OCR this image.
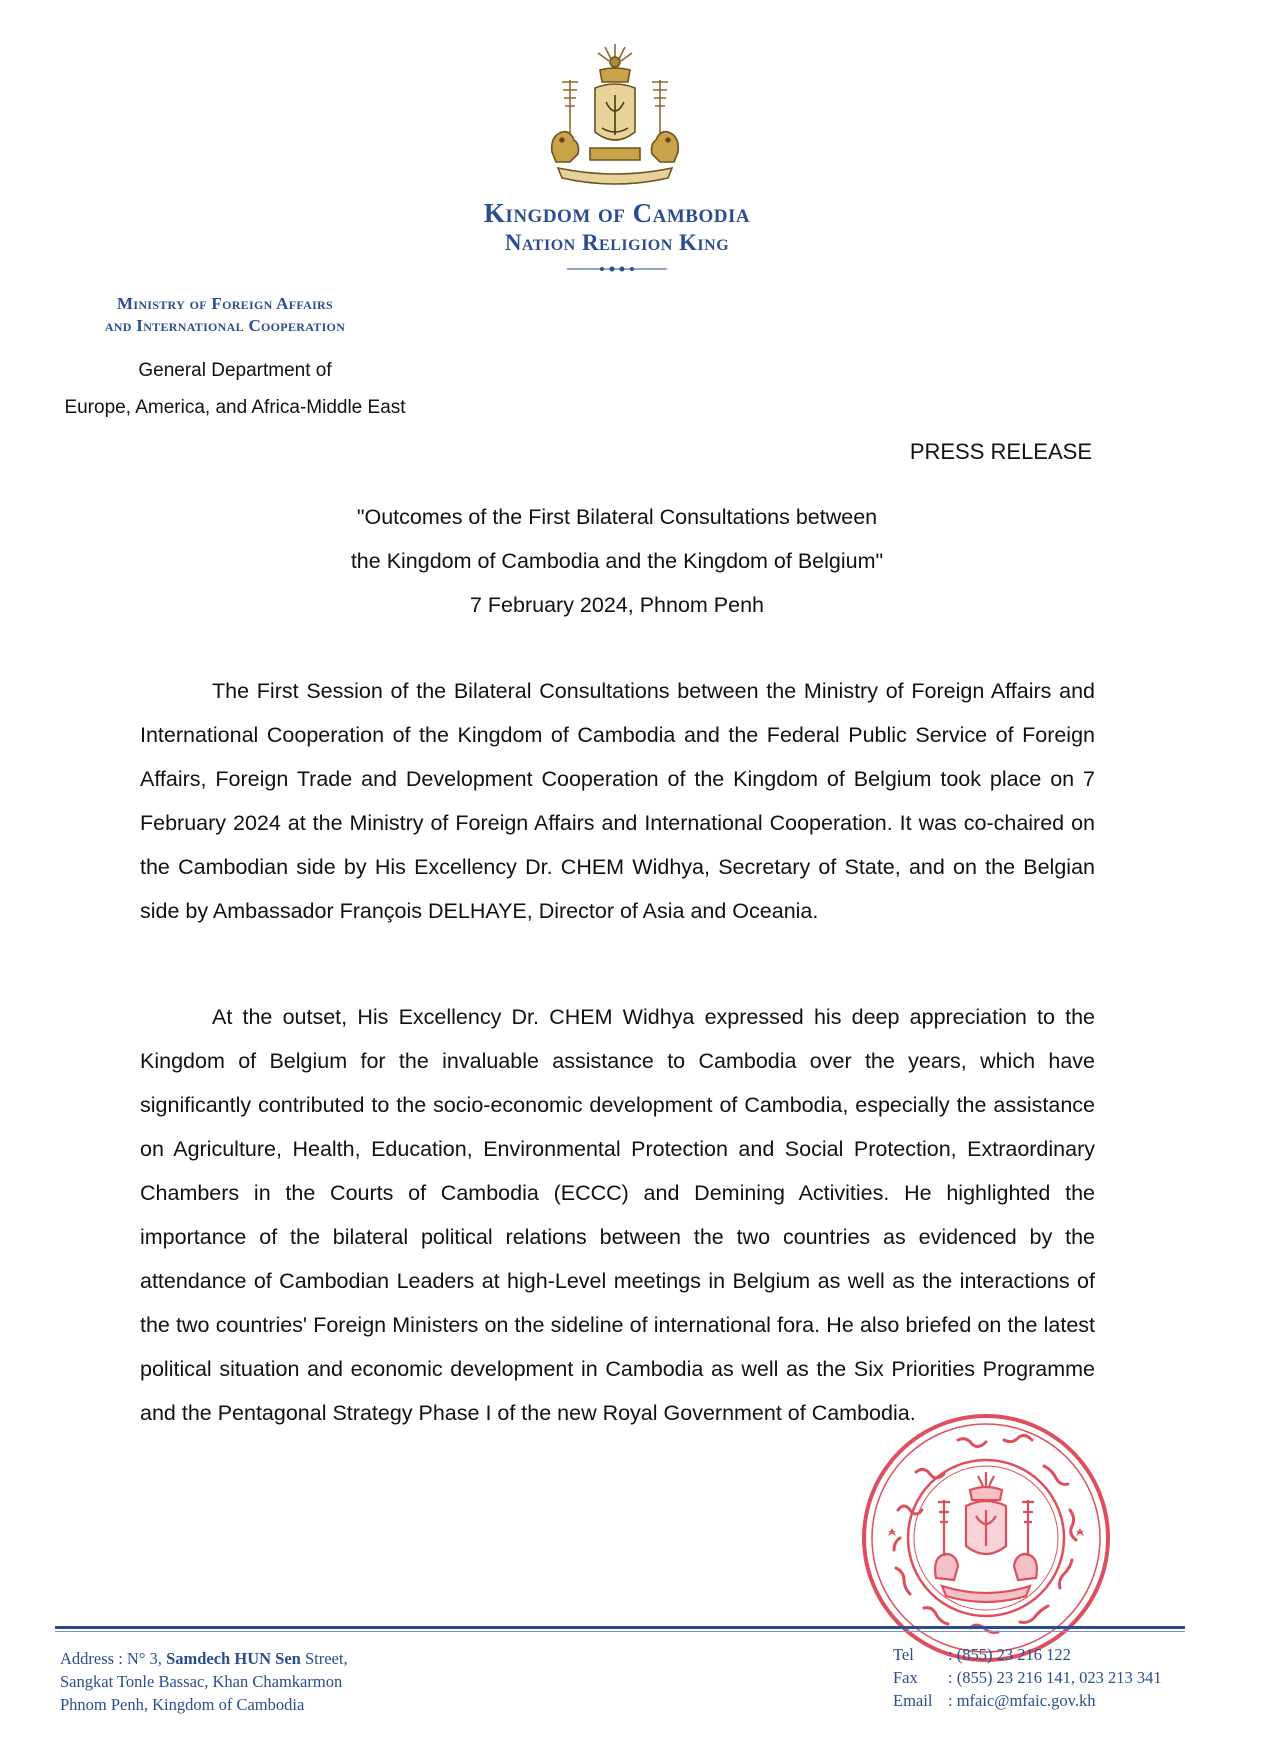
Kingdom of Cambodia
Nation Religion King
Ministry of Foreign Affairs
and International Cooperation
General Department of
Europe, America, and Africa-Middle East
PRESS RELEASE
"Outcomes of the First Bilateral Consultations between
the Kingdom of Cambodia and the Kingdom of Belgium"
7 February 2024, Phnom Penh

The First Session of the Bilateral Consultations between the Ministry of Foreign Affairs and International Cooperation of the Kingdom of Cambodia and the Federal Public Service of Foreign Affairs, Foreign Trade and Development Cooperation of the Kingdom of Belgium took place on 7 February 2024 at the Ministry of Foreign Affairs and International Cooperation. It was co-chaired on the Cambodian side by His Excellency Dr. CHEM Widhya, Secretary of State, and on the Belgian side by Ambassador François DELHAYE, Director of Asia and Oceania.

At the outset, His Excellency Dr. CHEM Widhya expressed his deep appreciation to the Kingdom of Belgium for the invaluable assistance to Cambodia over the years, which have significantly contributed to the socio-economic development of Cambodia, especially the assistance on Agriculture, Health, Education, Environmental Protection and Social Protection, Extraordinary Chambers in the Courts of Cambodia (ECCC) and Demining Activities. He highlighted the importance of the bilateral political relations between the two countries as evidenced by the attendance of Cambodian Leaders at high-Level meetings in Belgium as well as the interactions of the two countries' Foreign Ministers on the sideline of international fora. He also briefed on the latest political situation and economic development in Cambodia as well as the Six Priorities Programme and the Pentagonal Strategy Phase I of the new Royal Government of Cambodia.

Address : N° 3, Samdech HUN Sen Street,
Sangkat Tonle Bassac, Khan Chamkarmon
Phnom Penh, Kingdom of Cambodia
Tel : (855) 23 216 122
Fax : (855) 23 216 141, 023 213 341
Email : mfaic@mfaic.gov.kh
